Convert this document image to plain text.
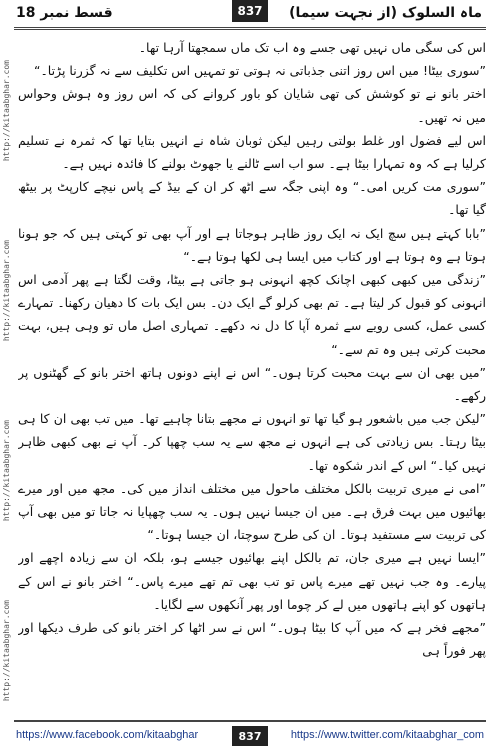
قسط نمبر 18	ماہ السلوک (از نجہت سیما)
837
http://kitaabghar.com
http://kitaabghar.com
http://kitaabghar.com
http://kitaabghar.com

اس کی سگی ماں نہیں تھی جسے وہ اب تک ماں سمجھتا آرہا تھا۔

”سوری بیٹا! میں اس روز اتنی جذباتی نہ ہوتی تو تمہیں اس تکلیف سے نہ گزرنا پڑتا۔“

اختر بانو نے تو کوشش کی تھی شایان کو باور کروانے کی کہ اس روز وہ ہوش وحواس میں نہ تھیں۔

اس لیے فضول اور غلط بولتی رہیں لیکن ثوبان شاہ نے انہیں بتایا تھا کہ ثمرہ نے تسلیم کرلیا ہے کہ وہ تمہارا بیٹا ہے۔ سو اب اسے ٹالنے یا جھوٹ بولنے کا فائدہ نہیں ہے۔

”سوری مت کریں امی۔“ وہ اپنی جگہ سے اٹھ کر ان کے بیڈ کے پاس نیچے کارپٹ پر بیٹھ گیا تھا۔

”بابا کہتے ہیں سچ ایک نہ ایک روز ظاہر ہوجاتا ہے اور آپ بھی تو کہتی ہیں کہ جو ہونا ہوتا ہے وہ ہوتا ہے اور کتاب میں ایسا ہی لکھا ہوتا ہے۔“

”زندگی میں کبھی کبھی اچانک کچھ انہونی ہو جاتی ہے بیٹا، وقت لگتا ہے پھر آدمی اس انہونی کو قبول کر لیتا ہے۔ تم بھی کرلو گے ایک دن۔ بس ایک بات کا دھیان رکھنا۔ تمہارے کسی عمل، کسی رویے سے ثمرہ آپا کا دل نہ دکھے۔ تمہاری اصل ماں تو وہی ہیں، بہت محبت کرتی ہیں وہ تم سے۔“

”میں بھی ان سے بہت محبت کرتا ہوں۔“ اس نے اپنے دونوں ہاتھ اختر بانو کے گھٹنوں پر رکھے۔

”لیکن جب میں باشعور ہو گیا تھا تو انہوں نے مجھے بتانا چاہیے تھا۔ میں تب بھی ان کا ہی بیٹا رہتا۔ بس زیادتی کی ہے انہوں نے مجھ سے یہ سب چھپا کر۔ آپ نے بھی کبھی ظاہر نہیں کیا۔“ اس کے اندر شکوہ تھا۔

”امی نے میری تربیت بالکل مختلف ماحول میں مختلف انداز میں کی۔ مجھ میں اور میرے بھائیوں میں بہت فرق ہے۔ میں ان جیسا نہیں ہوں۔ یہ سب چھپایا نہ جاتا تو میں بھی آپ کی تربیت سے مستفید ہوتا۔ ان کی طرح سوچتا، ان جیسا ہوتا۔“

”ایسا نہیں ہے میری جان، تم بالکل اپنے بھائیوں جیسے ہو، بلکہ ان سے زیادہ اچھے اور پیارے۔ وہ جب نہیں تھے میرے پاس تو تب بھی تم تھے میرے پاس۔“ اختر بانو نے اس کے ہاتھوں کو اپنے ہاتھوں میں لے کر چوما اور پھر آنکھوں سے لگایا۔

”مجھے فخر ہے کہ میں آپ کا بیٹا ہوں۔“ اس نے سر اٹھا کر اختر بانو کی طرف دیکھا اور پھر فوراً ہی

https://www.facebook.com/kitaabghar	837	https://www.twitter.com/kitaabghar_com
